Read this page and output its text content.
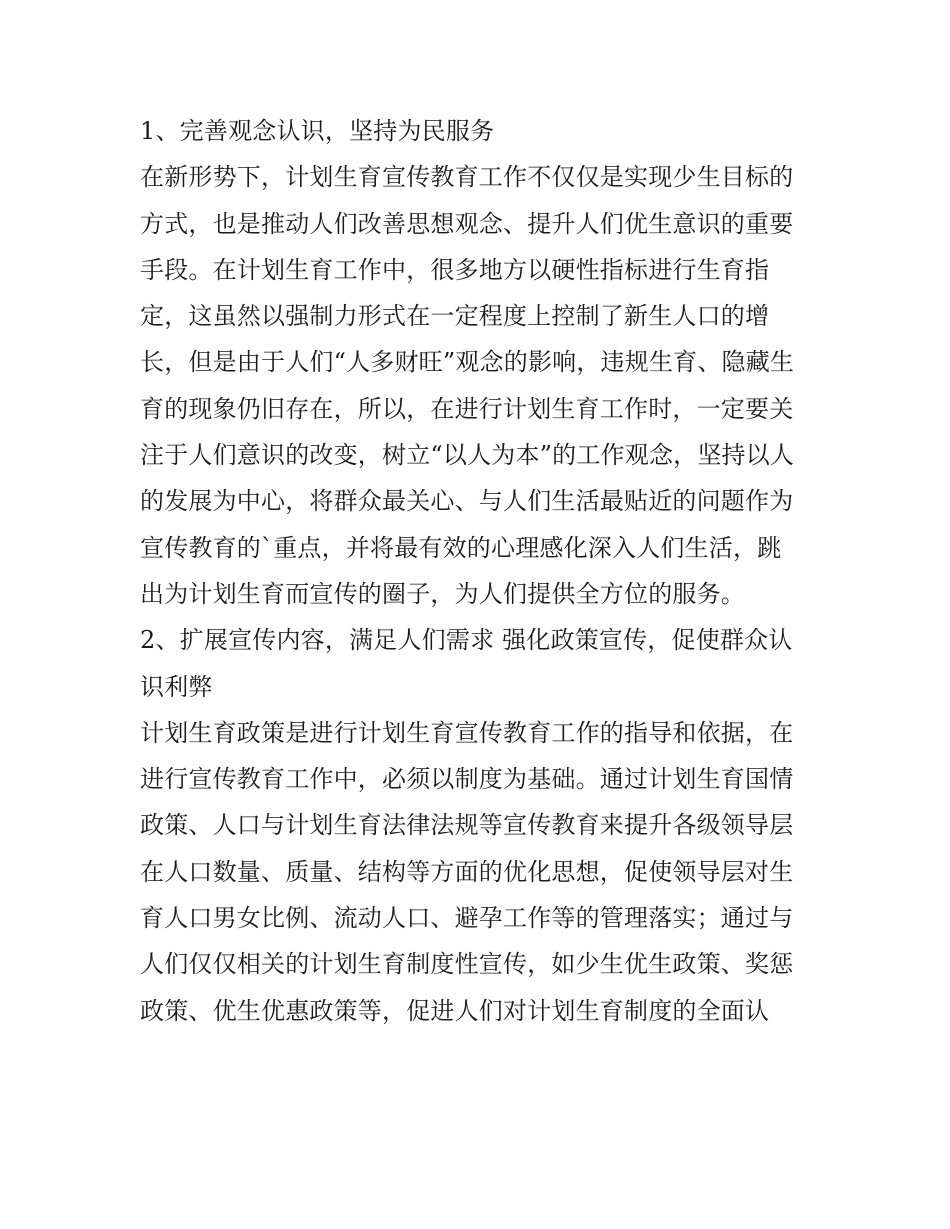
1、完善观念认识，坚持为民服务
在新形势下，计划生育宣传教育工作不仅仅是实现少生目标的
方式，也是推动人们改善思想观念、提升人们优生意识的重要
手段。在计划生育工作中，很多地方以硬性指标进行生育指
定，这虽然以强制力形式在一定程度上控制了新生人口的增
长，但是由于人们“人多财旺”观念的影响，违规生育、隐藏生
育的现象仍旧存在，所以，在进行计划生育工作时，一定要关
注于人们意识的改变，树立“以人为本”的工作观念，坚持以人
的发展为中心，将群众最关心、与人们生活最贴近的问题作为
宣传教育的`重点，并将最有效的心理感化深入人们生活，跳
出为计划生育而宣传的圈子，为人们提供全方位的服务。
2、扩展宣传内容，满足人们需求 强化政策宣传，促使群众认
识利弊
计划生育政策是进行计划生育宣传教育工作的指导和依据，在
进行宣传教育工作中，必须以制度为基础。通过计划生育国情
政策、人口与计划生育法律法规等宣传教育来提升各级领导层
在人口数量、质量、结构等方面的优化思想，促使领导层对生
育人口男女比例、流动人口、避孕工作等的管理落实；通过与
人们仅仅相关的计划生育制度性宣传，如少生优生政策、奖惩
政策、优生优惠政策等，促进人们对计划生育制度的全面认
